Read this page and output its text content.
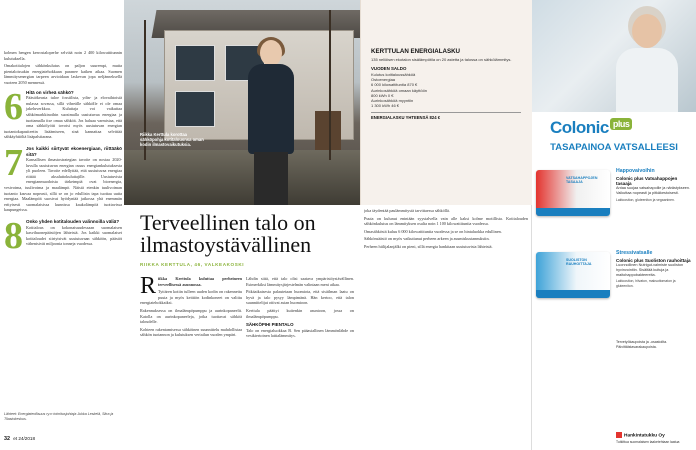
kolmen hengen kerrostaloperhe selviää noin 2 400 kilowattitunnin kulutuksella.

Omakotitalojen sähkönkulutus on paljon suurempi, mutta pientaloissakin energiatehokkaan paranee kaiken aikaa. Suomen lämmitysenergian tarpeen arvioidaan laskevan jopa neljänneksellä vuoteen 2050 mennessä.

6 Hitä on virheä sähkö?

Päästökeasta tuloe fossiilista, ydin- ja elovaihtoisiä nulassa sovassa, sillä vihreälle sähkölle ei ole omaa jakeluverkkoa. Kuluttaja voi vaikuttaa sähkömarkkinoihin suosimalla uusiutuvaa energiaa ja tuottamalla itse omaa sähköä. Jos haluaa varmistaa, että oma sähkölyöiti tovotsi myös uusiutuvan energian tuotantokapasiteetin lisäämiseen, sinä kannattaa selvittää sähkäyhtiöltä lisäpalstiarana.

7 Jos kaikki siirtyvät ekoenergiaan, riittääkö sitä?

Kansallisen ilmastostrategian tavoite on nostaa 2020-luvulla uusiutuvan energian osuus energiankulutuksesta yli puoleen. Tavoite edellyttää, että uusiutuvaa energiaa riittää aksaluttokuluttajille. Uusiutuvista energianmuodoista tärkeimpiä ovat bioenergia, vesivoima, tuulivoima ja maalämpö. Näistä etenkin tuulivoiman tuotanto kasvaa nopeasti, sillä se on jo edullisin tapa tuottaa uutta energiaa. Maalämpöä suosivat hyödyntää jatkossa yhä enemmän erityisesti suomalaisissa kunnissa kaukolämpöä tuottavissa kaupungeissa.

8 Onko yhden kotitalouden valinnoilla väliä?

Kotitalous on kokonaisuudessaan suomalaisen kasvihuonepäästöjen lähteistä. Jos kaikki suomalaiset kotitaloudet siirtyisivät uusiutuvaan sähköön, päästöt vähenisivät miljoonia tonneja vuodessa.

Lähteet: Energiateollisuus ry:n toimitusjohtaja Jukka Leskelä, Sitra ja Tilastokeskus.
Riikka Kerttula korottaa sähköpohja kotitalousnsa oman kodin ilmastovaikutuksia.
KERTTULAN ENERGIALASKU
135 neliöisen ekotalon sisälämpötila on 20 astetta ja talossa on sähkölämmitys.
VUODEN SALDO
Kulutus kotitaloussähköä
Ostoenergiaa
6 000 kilowattituntia 870 €
Aurinkosähköä omaan käyttöön
800 kWh 0 €
Aurinkosähköä myyntiin
1 300 kWh 46 €
ENERGIALASKU YHTEENSÄ 824 €
Terveellinen talo on ilmastoystävällinen
RIIKKA KERTTULA, 46, VALKEAKOSKI

Riikka Kerttula kuluttaa perheineen terveellisessä asunnossa.

Tyttären kotiin tulleen uuden kodin on rakennettu puuta ja myös keittiön kodinkoneet on valittu energiatehokkaiksi.

Rakennuksessa on ilmalämpöpumppu ja aurinkopaneelit. Katolla on aurinkopaneeleja, jotka tuottavat sähköä taloudelle.

Kohteen rakentamisessa sähköinen suunnittelu mahdollistaa sähkön tuotannon ja kulutuksen vertailun vuoden ympäri.

Lähdin siitä, että talo olisi saatava ympäristöystävällinen. Esimerkiksi lämmitysjärjestelmän valintaan meni aikaa.

Pitkäaikaisesta palautetaan huomiota, että sisäilman laatu on hyvä ja talo pysyy lämpimänä. Hän kertoo, että talon suunnittelijat ottivat asian huomioon.

Kerttula päättyi kuitenkin asuntoon, jossa on ilmalämpöpumppu.

SÄHKÖPIHI PIENTALO

Talo on energialuokkaa B. Sen pääasiallinen lämmönlähde on vesikiertoinen lattialämmitys.

joka täydentää paulämmitystä tarvittaessa sähköllä.

Puuta on kulunut enintään syystalvella vain alle kaksi kolme motillista. Kotitalouden sähkönkulutus on lämmityksen osalta noin 1 100 kilowattituntia vuodessa.

Omasähköstä kuluu 6 000 kilowattituntia vuodessa ja se on hintaluokka edullinen.

Sähkönsäästö on myös vaikuttanut perheen arkeen ja asumiskustannuksiin.

Perheen hiilijalanjälki on pieni, sillä energia hankitaan uusiutuvista lähteistä.

32 et 24/2018
Colonic plus
TASAPAINOA VATSALLEESI
VATSAHAPPOJEN TASAAJA
Happovaivoihin
Colonic plus Vatsahappojen tasaaja
Antaa suojaa vatsahapoille ja närästykseen. Vaikuttaa nopeasti ja pitkäkestoisesti.
Laktoositon, gluteeniton ja vegaaninen.
SUOLISTON RAUHOITTAJA
Stressivatsalle
Colonic plus Suoliston rauhoittaja
Luonnollinen Nutrigut-valmiste suoliston hyvinvointiin. Sisältää kuituja ja maitohappobakteereita.
Laktoositon, hiivaton, maksuttomaton ja gluteeniton.
Tervetyökaupoista ja -osastoilta. Päivittäistavarakaupoista.
Hankintatukku Oy
Tutkittua suomalaisen laaketehtaan laatua
